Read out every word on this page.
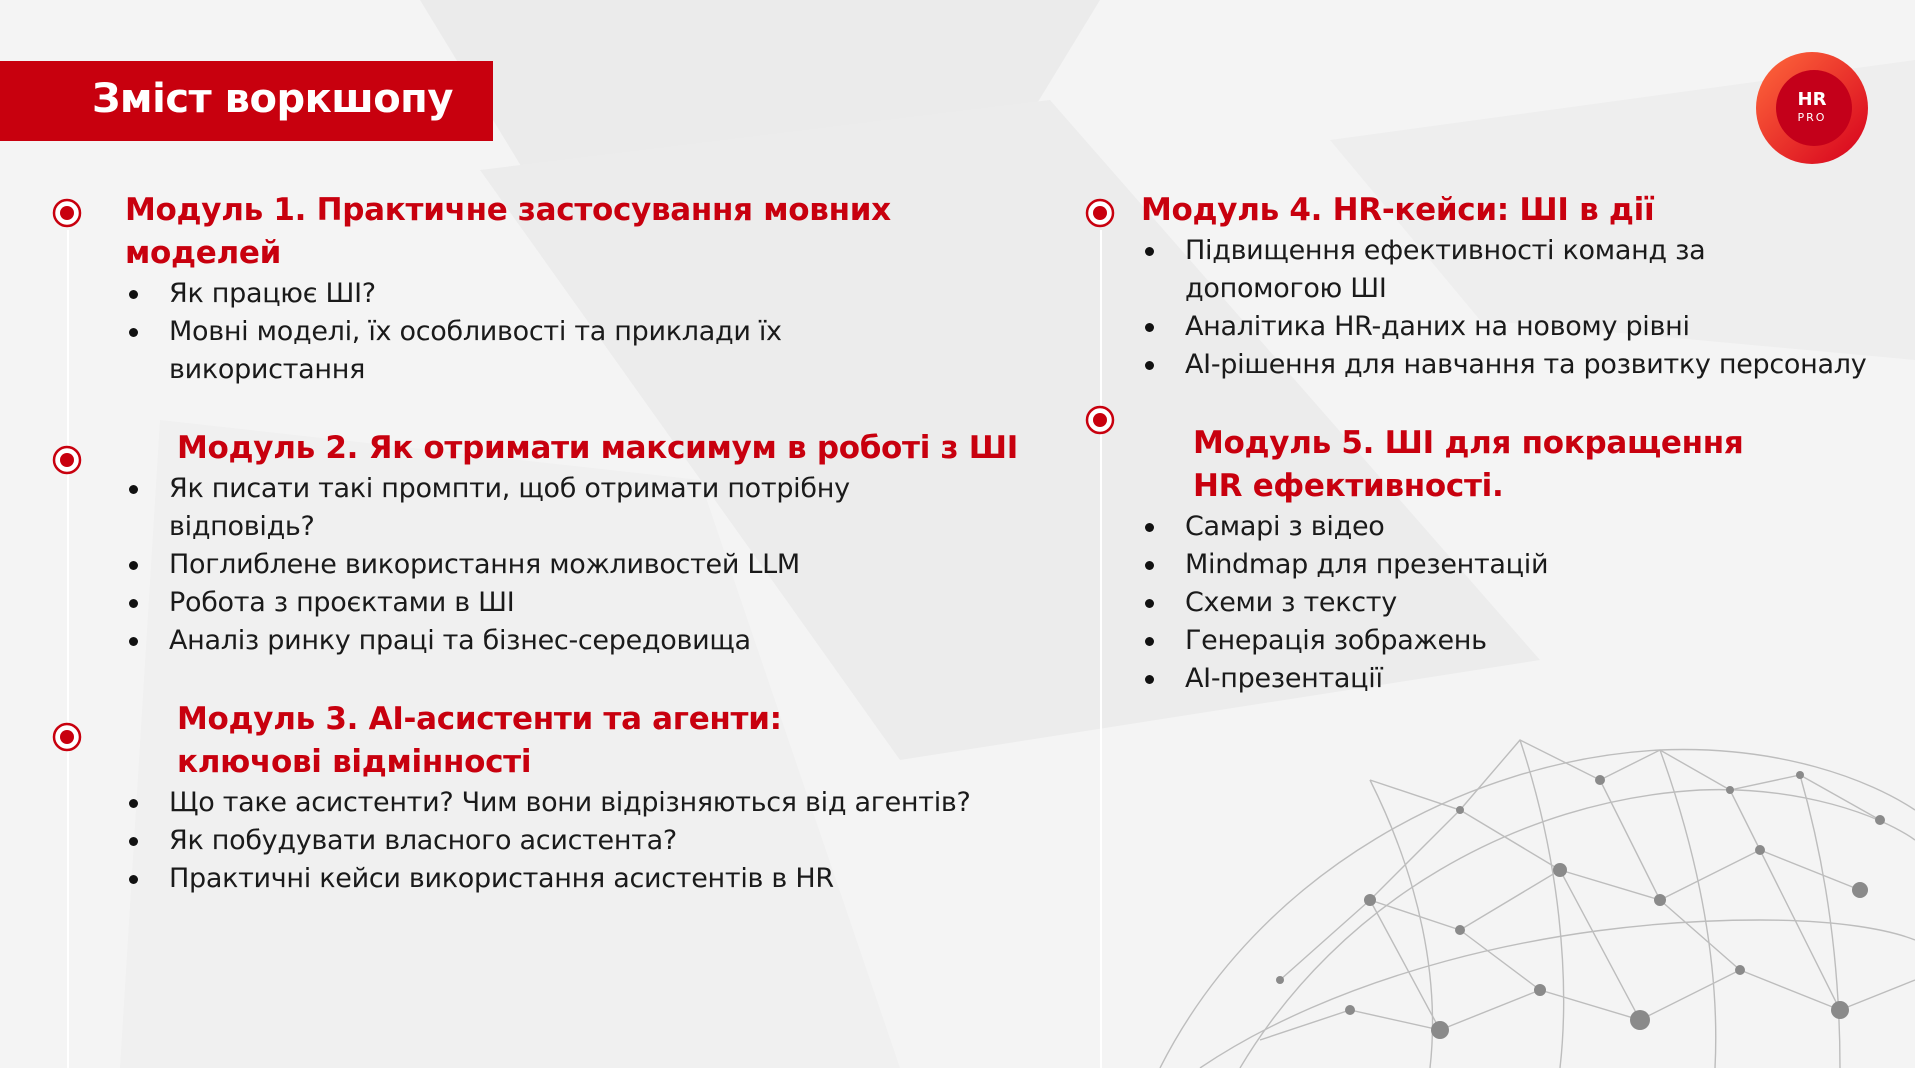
Зміст воркшопу	HR
PRO
Модуль 1. Практичне застосування мовних моделей
Як працює ШІ?
Мовні моделі, їх особливості та приклади їх використання
Модуль 2. Як отримати максимум в роботі з ШІ
Як писати такі промпти, щоб отримати потрібну відповідь?
Поглиблене використання можливостей LLM
Робота з проєктами в ШІ
Аналіз ринку праці та бізнес-середовища
Модуль 3. AI-асистенти та агенти: ключові відмінності
Що таке асистенти? Чим вони відрізняються від агентів?
Як побудувати власного асистента?
Практичні кейси використання асистентів в HR
Модуль 4. HR-кейси: ШІ в дії
Підвищення ефективності команд за допомогою ШІ
Аналітика HR-даних на новому рівні
AI-рішення для навчання та розвитку персоналу
Модуль 5. ШІ для покращення HR ефективності.
Самарі з відео
Mindmap для презентацій
Схеми з тексту
Генерація зображень
AI-презентації
